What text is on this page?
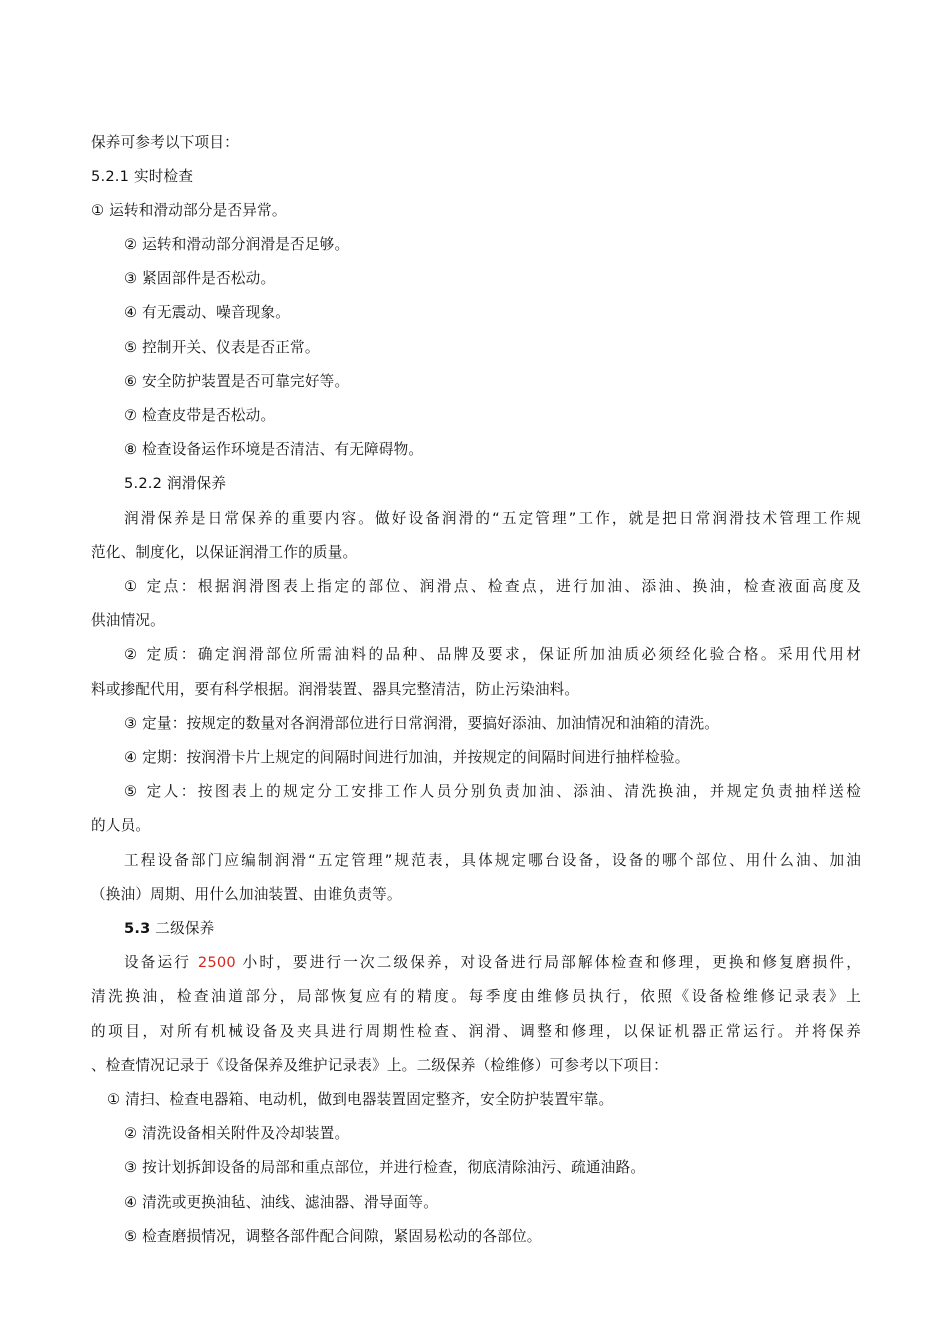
保养可参考以下项目：
5.2.1 实时检查
① 运转和滑动部分是否异常。
② 运转和滑动部分润滑是否足够。
③ 紧固部件是否松动。
④ 有无震动、噪音现象。
⑤ 控制开关、仪表是否正常。
⑥ 安全防护装置是否可靠完好等。
⑦ 检查皮带是否松动。
⑧ 检查设备运作环境是否清洁、有无障碍物。
5.2.2 润滑保养
润滑保养是日常保养的重要内容。做好设备润滑的“五定管理”工作，就是把日常润滑技术管理工作规
范化、制度化，以保证润滑工作的质量。
① 定点：根据润滑图表上指定的部位、润滑点、检查点，进行加油、添油、换油，检查液面高度及
供油情况。
② 定质：确定润滑部位所需油料的品种、品牌及要求，保证所加油质必须经化验合格。采用代用材
料或掺配代用，要有科学根据。润滑装置、器具完整清洁，防止污染油料。
③ 定量：按规定的数量对各润滑部位进行日常润滑，要搞好添油、加油情况和油箱的清洗。
④ 定期：按润滑卡片上规定的间隔时间进行加油，并按规定的间隔时间进行抽样检验。
⑤ 定人：按图表上的规定分工安排工作人员分别负责加油、添油、清洗换油，并规定负责抽样送检
的人员。
工程设备部门应编制润滑“五定管理”规范表，具体规定哪台设备，设备的哪个部位、用什么油、加油
（换油）周期、用什么加油装置、由谁负责等。
5.3 二级保养
设备运行 2500 小时，要进行一次二级保养，对设备进行局部解体检查和修理，更换和修复磨损件，
清洗换油，检查油道部分，局部恢复应有的精度。每季度由维修员执行，依照《设备检维修记录表》上
的项目，对所有机械设备及夹具进行周期性检查、润滑、调整和修理，以保证机器正常运行。并将保养
、检查情况记录于《设备保养及维护记录表》上。二级保养（检维修）可参考以下项目：
① 清扫、检查电器箱、电动机，做到电器装置固定整齐，安全防护装置牢靠。
② 清洗设备相关附件及冷却装置。
③ 按计划拆卸设备的局部和重点部位，并进行检查，彻底清除油污、疏通油路。
④ 清洗或更换油毡、油线、滤油器、滑导面等。
⑤ 检查磨损情况，调整各部件配合间隙，紧固易松动的各部位。
